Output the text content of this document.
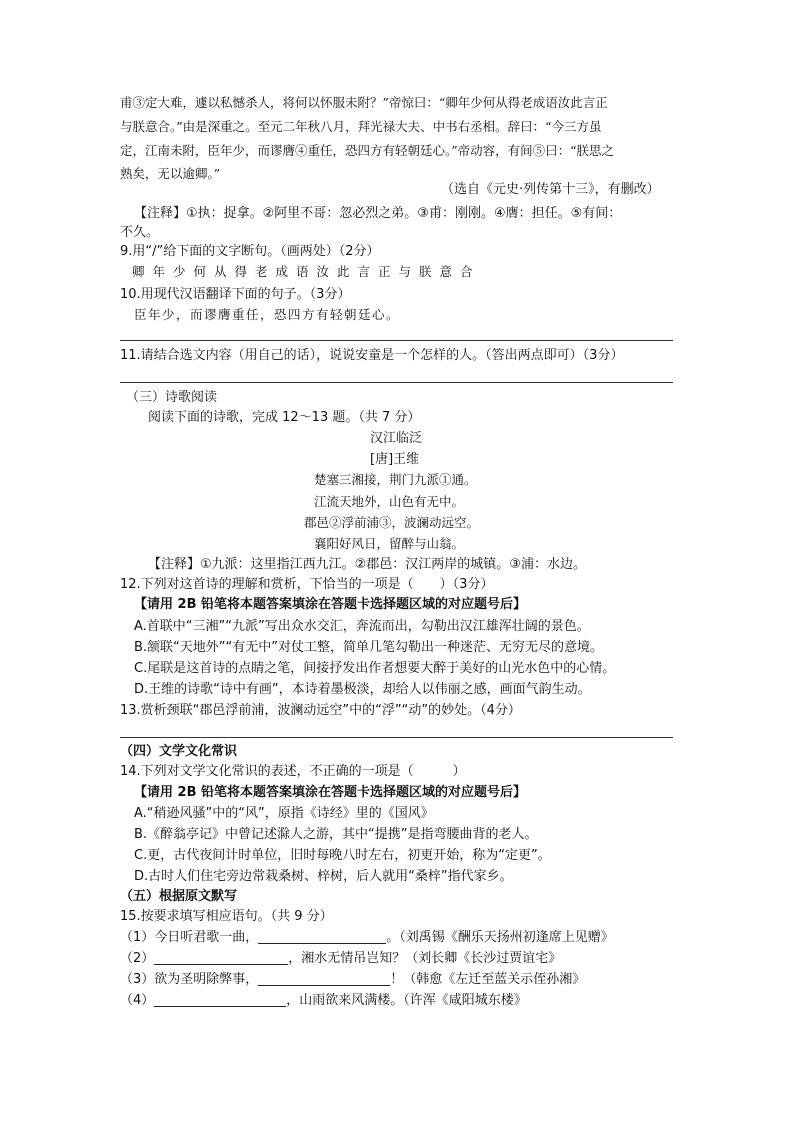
甫③定大难，遽以私憾杀人，将何以怀服未附？”帝惊曰：“卿年少何从得老成语汝此言正
与朕意合。”由是深重之。至元二年秋八月，拜光禄大夫、中书右丞相。辞曰：“今三方虽
定，江南未附，臣年少，而谬膺④重任，恐四方有轻朝廷心。”帝动容，有间⑤曰：“朕思之
熟矣，无以逾卿。”
（选自《元史·列传第十三》，有删改）
【注释】①执：捉拿。②阿里不哥：忽必烈之弟。③甫：刚刚。④膺：担任。⑤有间：
不久。
9.用“/”给下面的文字断句。（画两处）（2分）
卿年少何从得老成语汝此言正与朕意合
10.用现代汉语翻译下面的句子。（3分）
臣年少，而谬膺重任，恐四方有轻朝廷心。
11.请结合选文内容（用自己的话），说说安童是一个怎样的人。（答出两点即可）（3分）
（三）诗歌阅读
阅读下面的诗歌，完成 12～13 题。（共 7 分）
汉江临泛
[唐]王维
楚塞三湘接，荆门九派①通。
江流天地外，山色有无中。
郡邑②浮前浦③，波澜动远空。
襄阳好风日，留醉与山翁。
【注释】①九派：这里指江西九江。②郡邑：汉江两岸的城镇。③浦：水边。
12.下列对这首诗的理解和赏析，下恰当的一项是（　　）（3分）
【请用 2B 铅笔将本题答案填涂在答题卡选择题区域的对应题号后】
A.首联中“三湘”“九派”写出众水交汇，奔流而出，勾勒出汉江雄浑壮阔的景色。
B.颔联“天地外”“有无中”对仗工整，简单几笔勾勒出一种迷茫、无穷无尽的意境。
C.尾联是这首诗的点睛之笔，间接抒发出作者想要大醉于美好的山光水色中的心情。
D.王维的诗歌“诗中有画”，本诗着墨极淡，却给人以伟丽之感，画面气韵生动。
13.赏析颈联“郡邑浮前浦，波澜动远空”中的“浮”“动”的妙处。（4分）
（四）文学文化常识
14.下列对文学文化常识的表述，不正确的一项是（　　　）
【请用 2B 铅笔将本题答案填涂在答题卡选择题区域的对应题号后】
A.“稍逊风骚”中的“风”，原指《诗经》里的《国风》
B.《醉翁亭记》中曾记述滁人之游，其中“提携”是指弯腰曲背的老人。
C.更，古代夜间计时单位，旧时每晚八时左右，初更开始，称为“定更”。
D.古时人们住宅旁边常栽桑树、梓树，后人就用“桑梓”指代家乡。
（五）根据原文默写
15.按要求填写相应语句。（共 9 分）
（1）今日听君歌一曲，	。（刘禹锡《酬乐天扬州初逢席上见赠》
（2）	，湘水无情吊岂知？（刘长卿《长沙过贾谊宅》
（3）欲为圣明除弊事，	！（韩愈《左迁至蓝关示侄孙湘》
（4）	，山雨欲来风满楼。（许浑《咸阳城东楼》
